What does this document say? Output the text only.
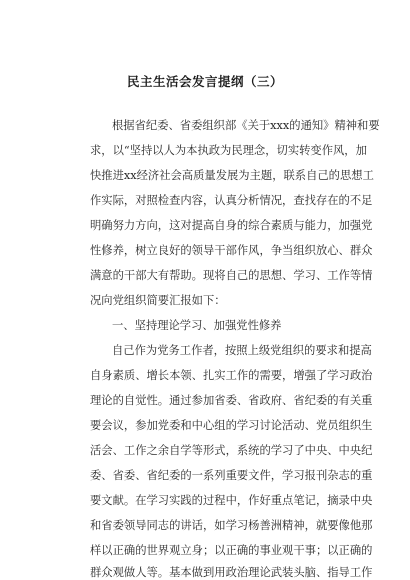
民主生活会发言提纲（三）
根据省纪委、省委组织部《关于xxx的通知》精神和要
求，以“坚持以人为本执政为民理念，切实转变作风，加
快推进xx经济社会高质量发展为主题，联系自己的思想工
作实际，对照检查内容，认真分析情况，查找存在的不足
明确努力方向，这对提高自身的综合素质与能力，加强党
性修养，树立良好的领导干部作风，争当组织放心、群众
满意的干部大有帮助。现将自己的思想、学习、工作等情
况向党组织简要汇报如下：
一、坚持理论学习、加强党性修养
自己作为党务工作者，按照上级党组织的要求和提高
自身素质、增长本领、扎实工作的需要，增强了学习政治
理论的自觉性。通过参加省委、省政府、省纪委的有关重
要会议，参加党委和中心组的学习讨论活动、党员组织生
活会、工作之余自学等形式，系统的学习了中央、中央纪
委、省委、省纪委的一系列重要文件，学习报刊杂志的重
要文献。在学习实践的过程中，作好重点笔记，摘录中央
和省委领导同志的讲话，如学习杨善洲精神，就要像他那
样以正确的世界观立身；以正确的事业观干事；以正确的
群众观做人等。基本做到用政治理论武装头脑、指导工作
